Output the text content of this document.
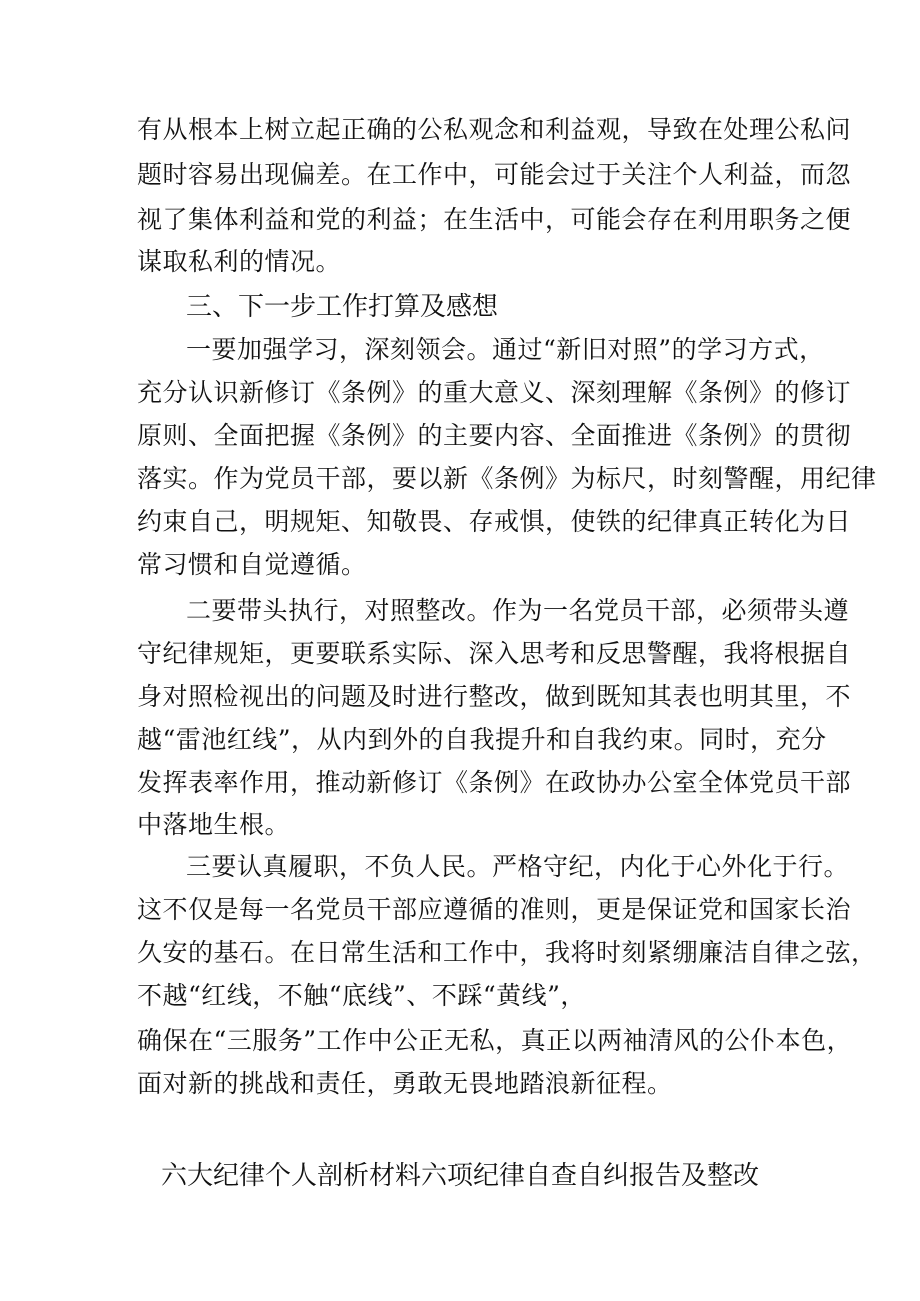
有从根本上树立起正确的公私观念和利益观，导致在处理公私问
题时容易出现偏差。在工作中，可能会过于关注个人利益，而忽
视了集体利益和党的利益；在生活中，可能会存在利用职务之便
谋取私利的情况。
三、下一步工作打算及感想
一要加强学习，深刻领会。通过“新旧对照”的学习方式，
充分认识新修订《条例》的重大意义、深刻理解《条例》的修订
原则、全面把握《条例》的主要内容、全面推进《条例》的贯彻
落实。作为党员干部，要以新《条例》为标尺，时刻警醒，用纪律
约束自己，明规矩、知敬畏、存戒惧，使铁的纪律真正转化为日
常习惯和自觉遵循。
二要带头执行，对照整改。作为一名党员干部，必须带头遵
守纪律规矩，更要联系实际、深入思考和反思警醒，我将根据自
身对照检视出的问题及时进行整改，做到既知其表也明其里，不
越“雷池红线”，从内到外的自我提升和自我约束。同时，充分
发挥表率作用，推动新修订《条例》在政协办公室全体党员干部
中落地生根。
三要认真履职，不负人民。严格守纪，内化于心外化于行。
这不仅是每一名党员干部应遵循的准则，更是保证党和国家长治
久安的基石。在日常生活和工作中，我将时刻紧绷廉洁自律之弦，
不越“红线，不触“底线”、不踩“黄线”，
确保在“三服务”工作中公正无私，真正以两袖清风的公仆本色，
面对新的挑战和责任，勇敢无畏地踏浪新征程。
六大纪律个人剖析材料六项纪律自查自纠报告及整改
